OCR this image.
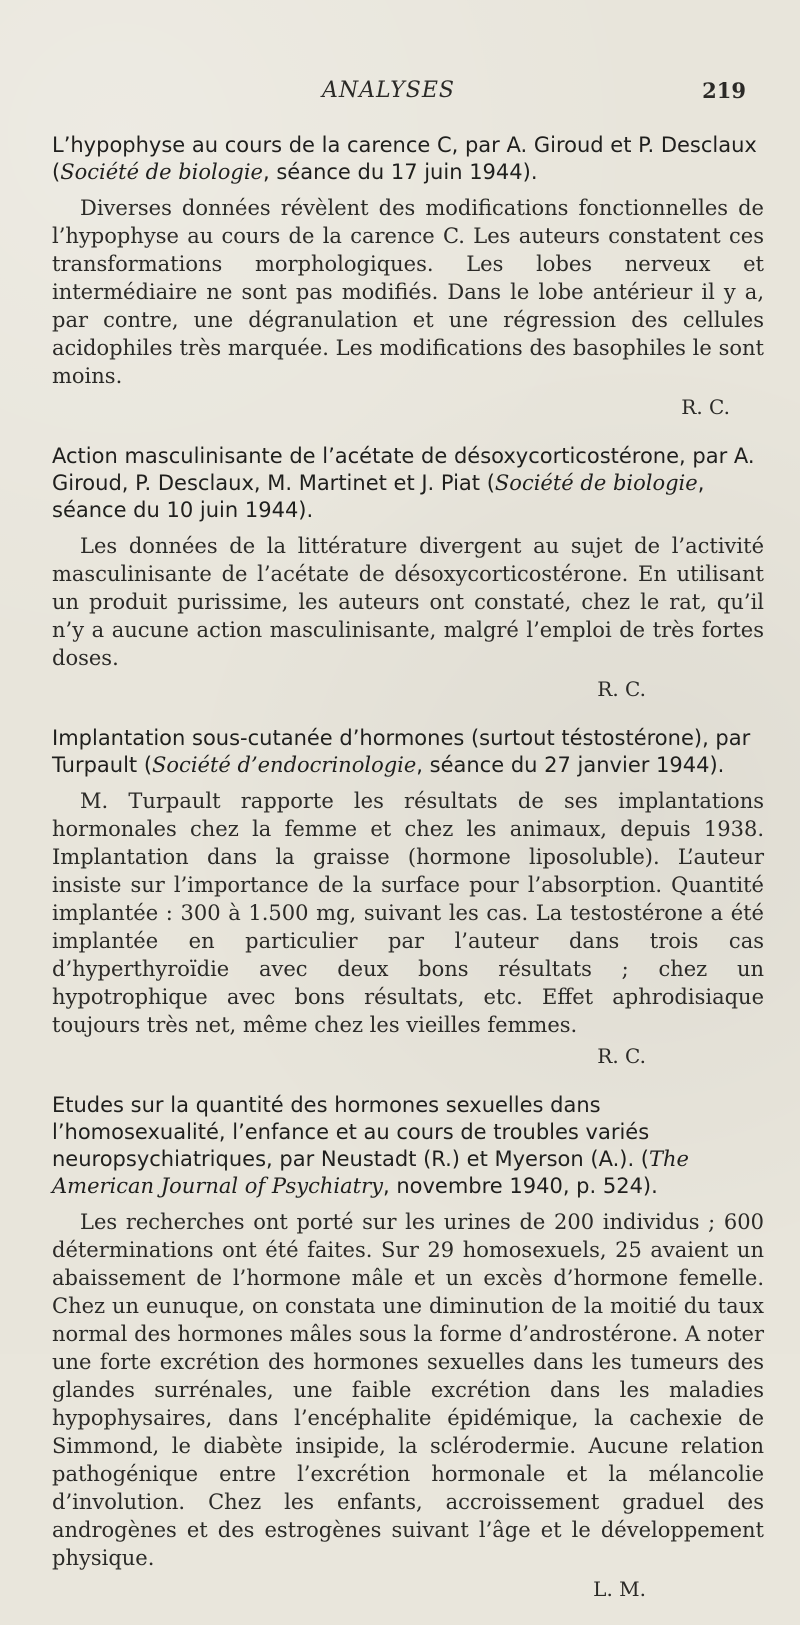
ANALYSES	219

L’hypophyse au cours de la carence C, par A. Giroud et P. Desclaux (Société de biologie, séance du 17 juin 1944).

Diverses données révèlent des modifications fonctionnelles de l’hypophyse au cours de la carence C. Les auteurs constatent ces transformations morphologiques. Les lobes nerveux et intermédiaire ne sont pas modifiés. Dans le lobe antérieur il y a, par contre, une dégranulation et une régression des cellules acidophiles très marquée. Les modifications des basophiles le sont moins.

R. C.

Action masculinisante de l’acétate de désoxycorticostérone, par A. Giroud, P. Desclaux, M. Martinet et J. Piat (Société de biologie, séance du 10 juin 1944).

Les données de la littérature divergent au sujet de l’activité masculinisante de l’acétate de désoxycorticostérone. En utilisant un produit purissime, les auteurs ont constaté, chez le rat, qu’il n’y a aucune action masculinisante, malgré l’emploi de très fortes doses.

R. C.

Implantation sous-cutanée d’hormones (surtout téstostérone), par Turpault (Société d’endocrinologie, séance du 27 janvier 1944).

M. Turpault rapporte les résultats de ses implantations hormonales chez la femme et chez les animaux, depuis 1938. Implantation dans la graisse (hormone liposoluble). L’auteur insiste sur l’importance de la surface pour l’absorption. Quantité implantée : 300 à 1.500 mg, suivant les cas. La testostérone a été implantée en particulier par l’auteur dans trois cas d’hyperthyroïdie avec deux bons résultats ; chez un hypotrophique avec bons résultats, etc. Effet aphrodisiaque toujours très net, même chez les vieilles femmes.

R. C.

Etudes sur la quantité des hormones sexuelles dans l’homosexualité, l’enfance et au cours de troubles variés neuropsychiatriques, par Neustadt (R.) et Myerson (A.). (The American Journal of Psychiatry, novembre 1940, p. 524).

Les recherches ont porté sur les urines de 200 individus ; 600 déterminations ont été faites. Sur 29 homosexuels, 25 avaient un abaissement de l’hormone mâle et un excès d’hormone femelle. Chez un eunuque, on constata une diminution de la moitié du taux normal des hormones mâles sous la forme d’androstérone. A noter une forte excrétion des hormones sexuelles dans les tumeurs des glandes surrénales, une faible excrétion dans les maladies hypophysaires, dans l’encéphalite épidémique, la cachexie de Simmond, le diabète insipide, la sclérodermie. Aucune relation pathogénique entre l’excrétion hormonale et la mélancolie d’involution. Chez les enfants, accroissement graduel des androgènes et des estrogènes suivant l’âge et le développement physique.

L. M.
